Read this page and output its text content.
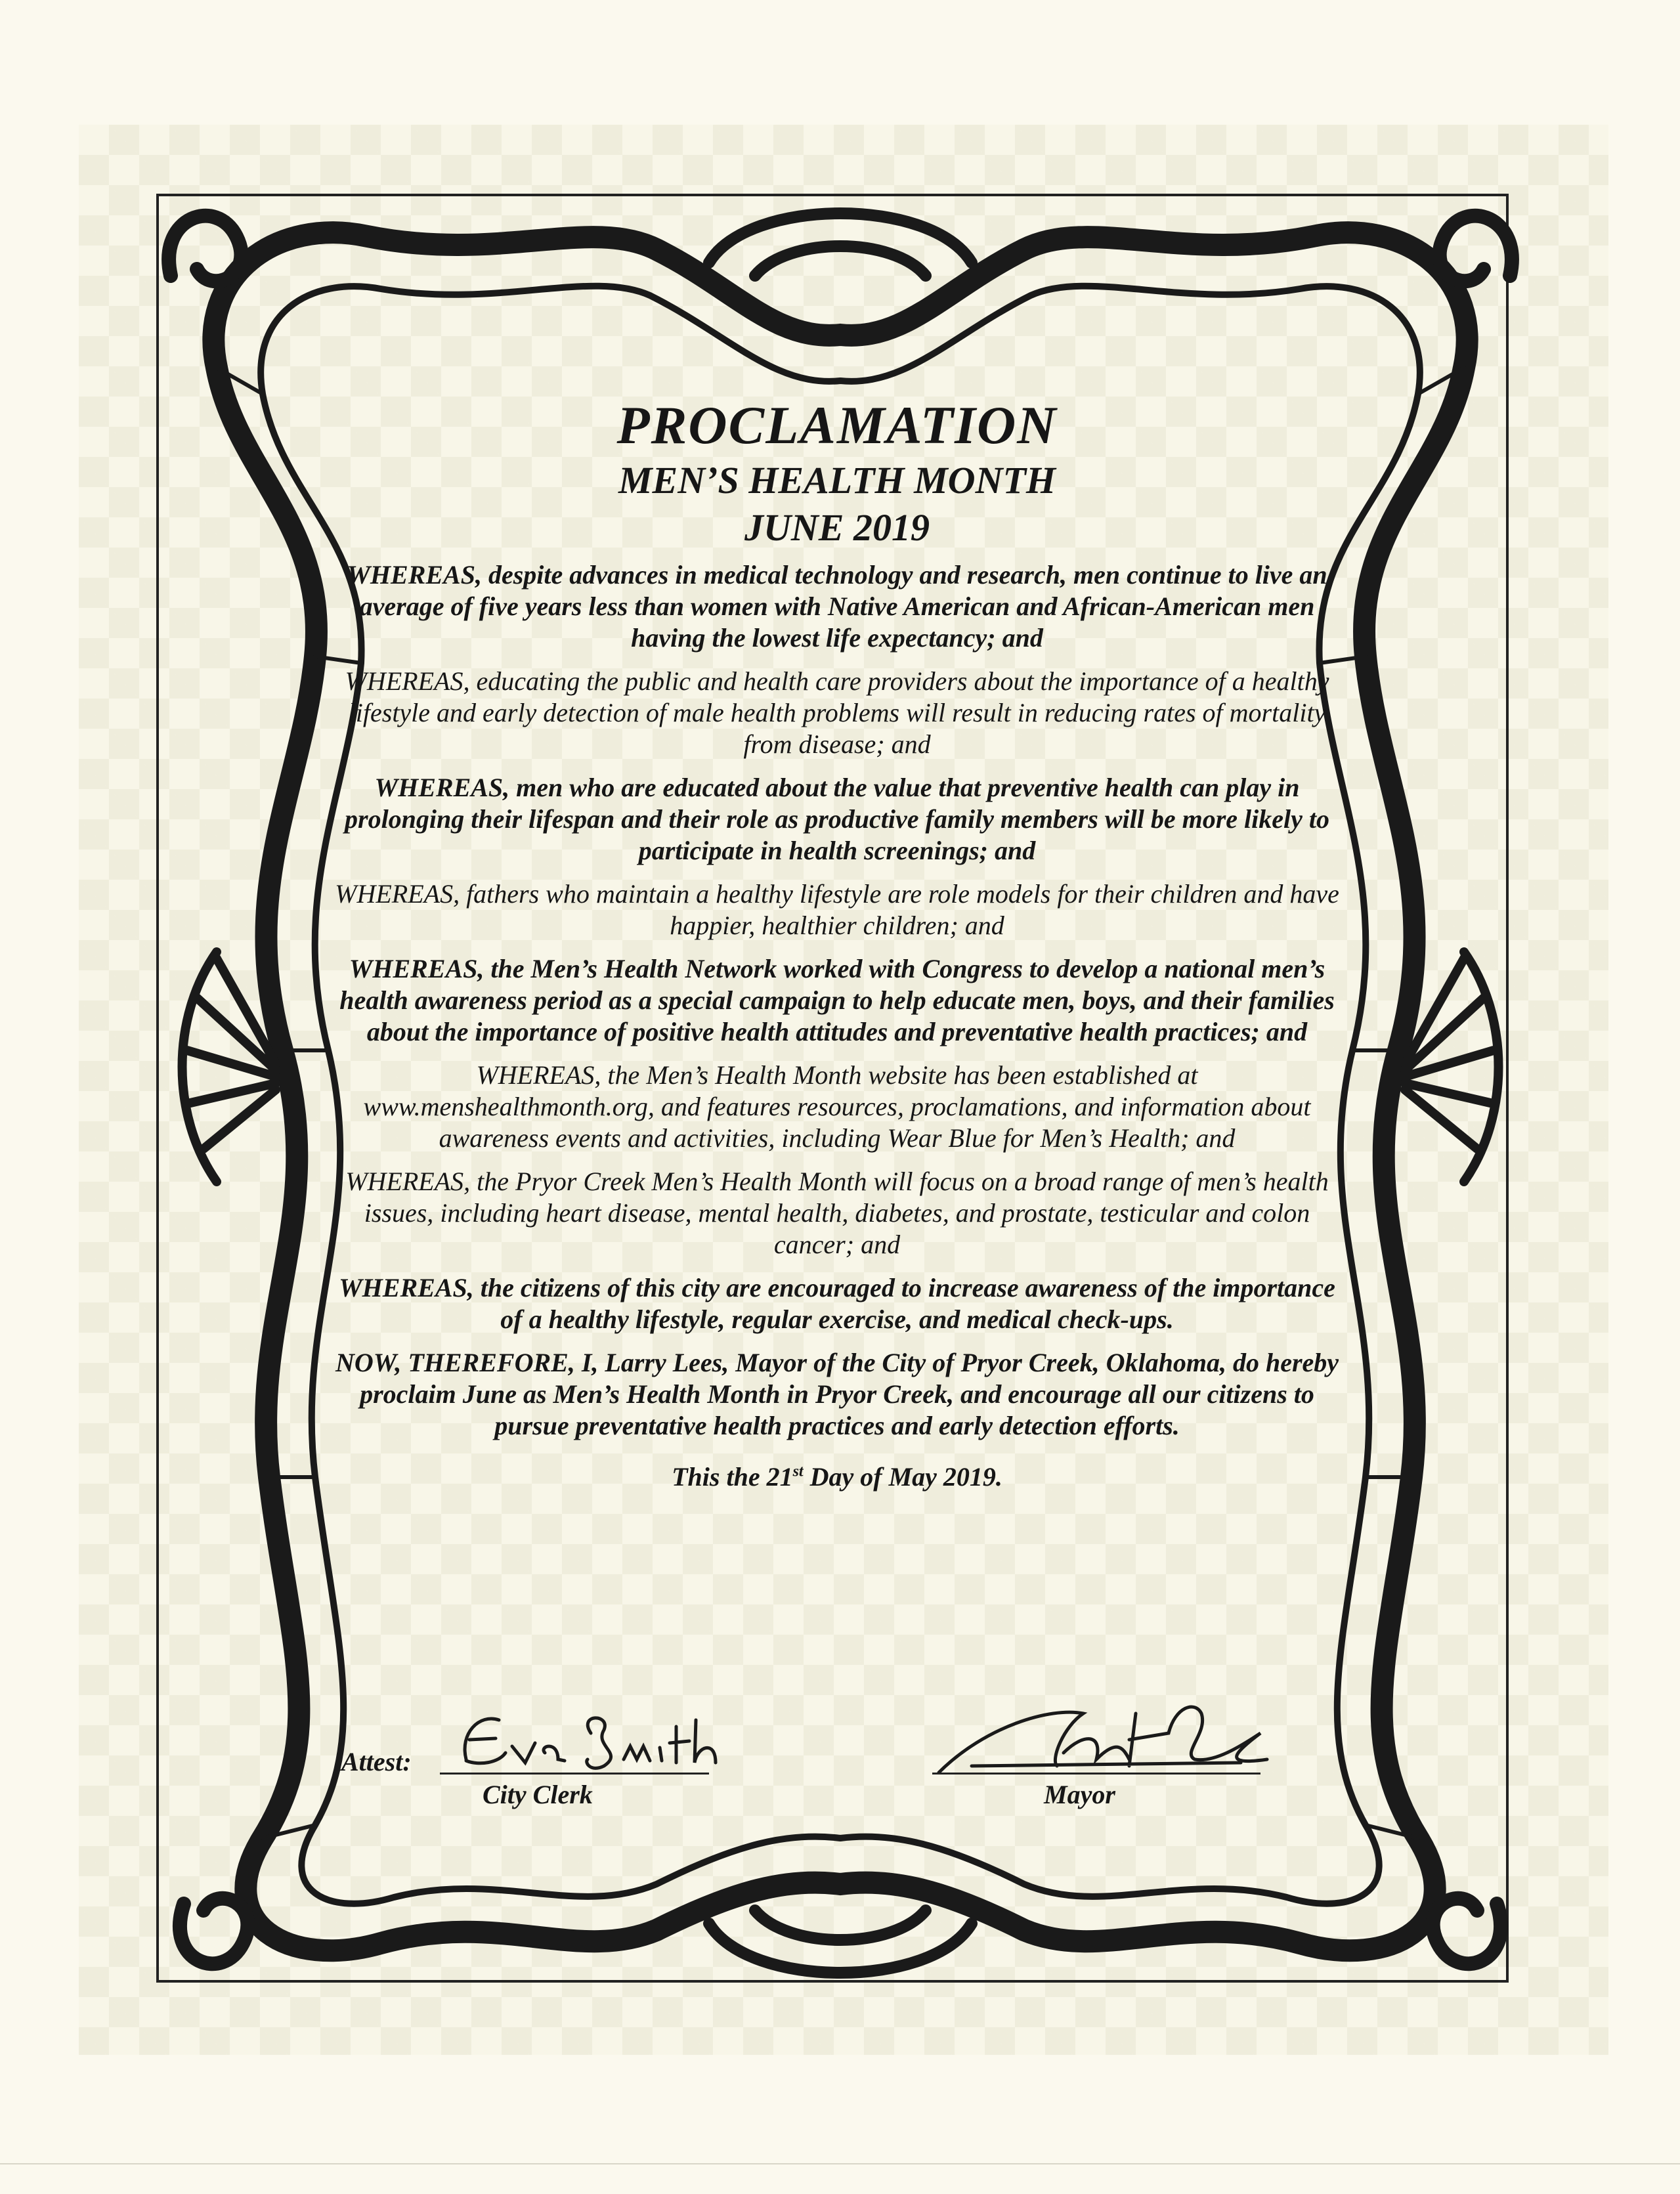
PROCLAMATION
MEN’S HEALTH MONTH
JUNE 2019

WHEREAS, despite advances in medical technology and research, men continue to live an average of five years less than women with Native American and African-American men having the lowest life expectancy; and

WHEREAS, educating the public and health care providers about the importance of a healthy lifestyle and early detection of male health problems will result in reducing rates of mortality from disease; and

WHEREAS, men who are educated about the value that preventive health can play in prolonging their lifespan and their role as productive family members will be more likely to participate in health screenings; and

WHEREAS, fathers who maintain a healthy lifestyle are role models for their children and have happier, healthier children; and

WHEREAS, the Men’s Health Network worked with Congress to develop a national men’s health awareness period as a special campaign to help educate men, boys, and their families about the importance of positive health attitudes and preventative health practices; and

WHEREAS, the Men’s Health Month website has been established at www.menshealthmonth.org, and features resources, proclamations, and information about awareness events and activities, including Wear Blue for Men’s Health; and

WHEREAS, the Pryor Creek Men’s Health Month will focus on a broad range of men’s health issues, including heart disease, mental health, diabetes, and prostate, testicular and colon cancer; and

WHEREAS, the citizens of this city are encouraged to increase awareness of the importance of a healthy lifestyle, regular exercise, and medical check-ups.

NOW, THEREFORE, I, Larry Lees, Mayor of the City of Pryor Creek, Oklahoma, do hereby proclaim June as Men’s Health Month in Pryor Creek, and encourage all our citizens to pursue preventative health practices and early detection efforts.

This the 21st Day of May 2019.
Attest:
City Clerk	Mayor
